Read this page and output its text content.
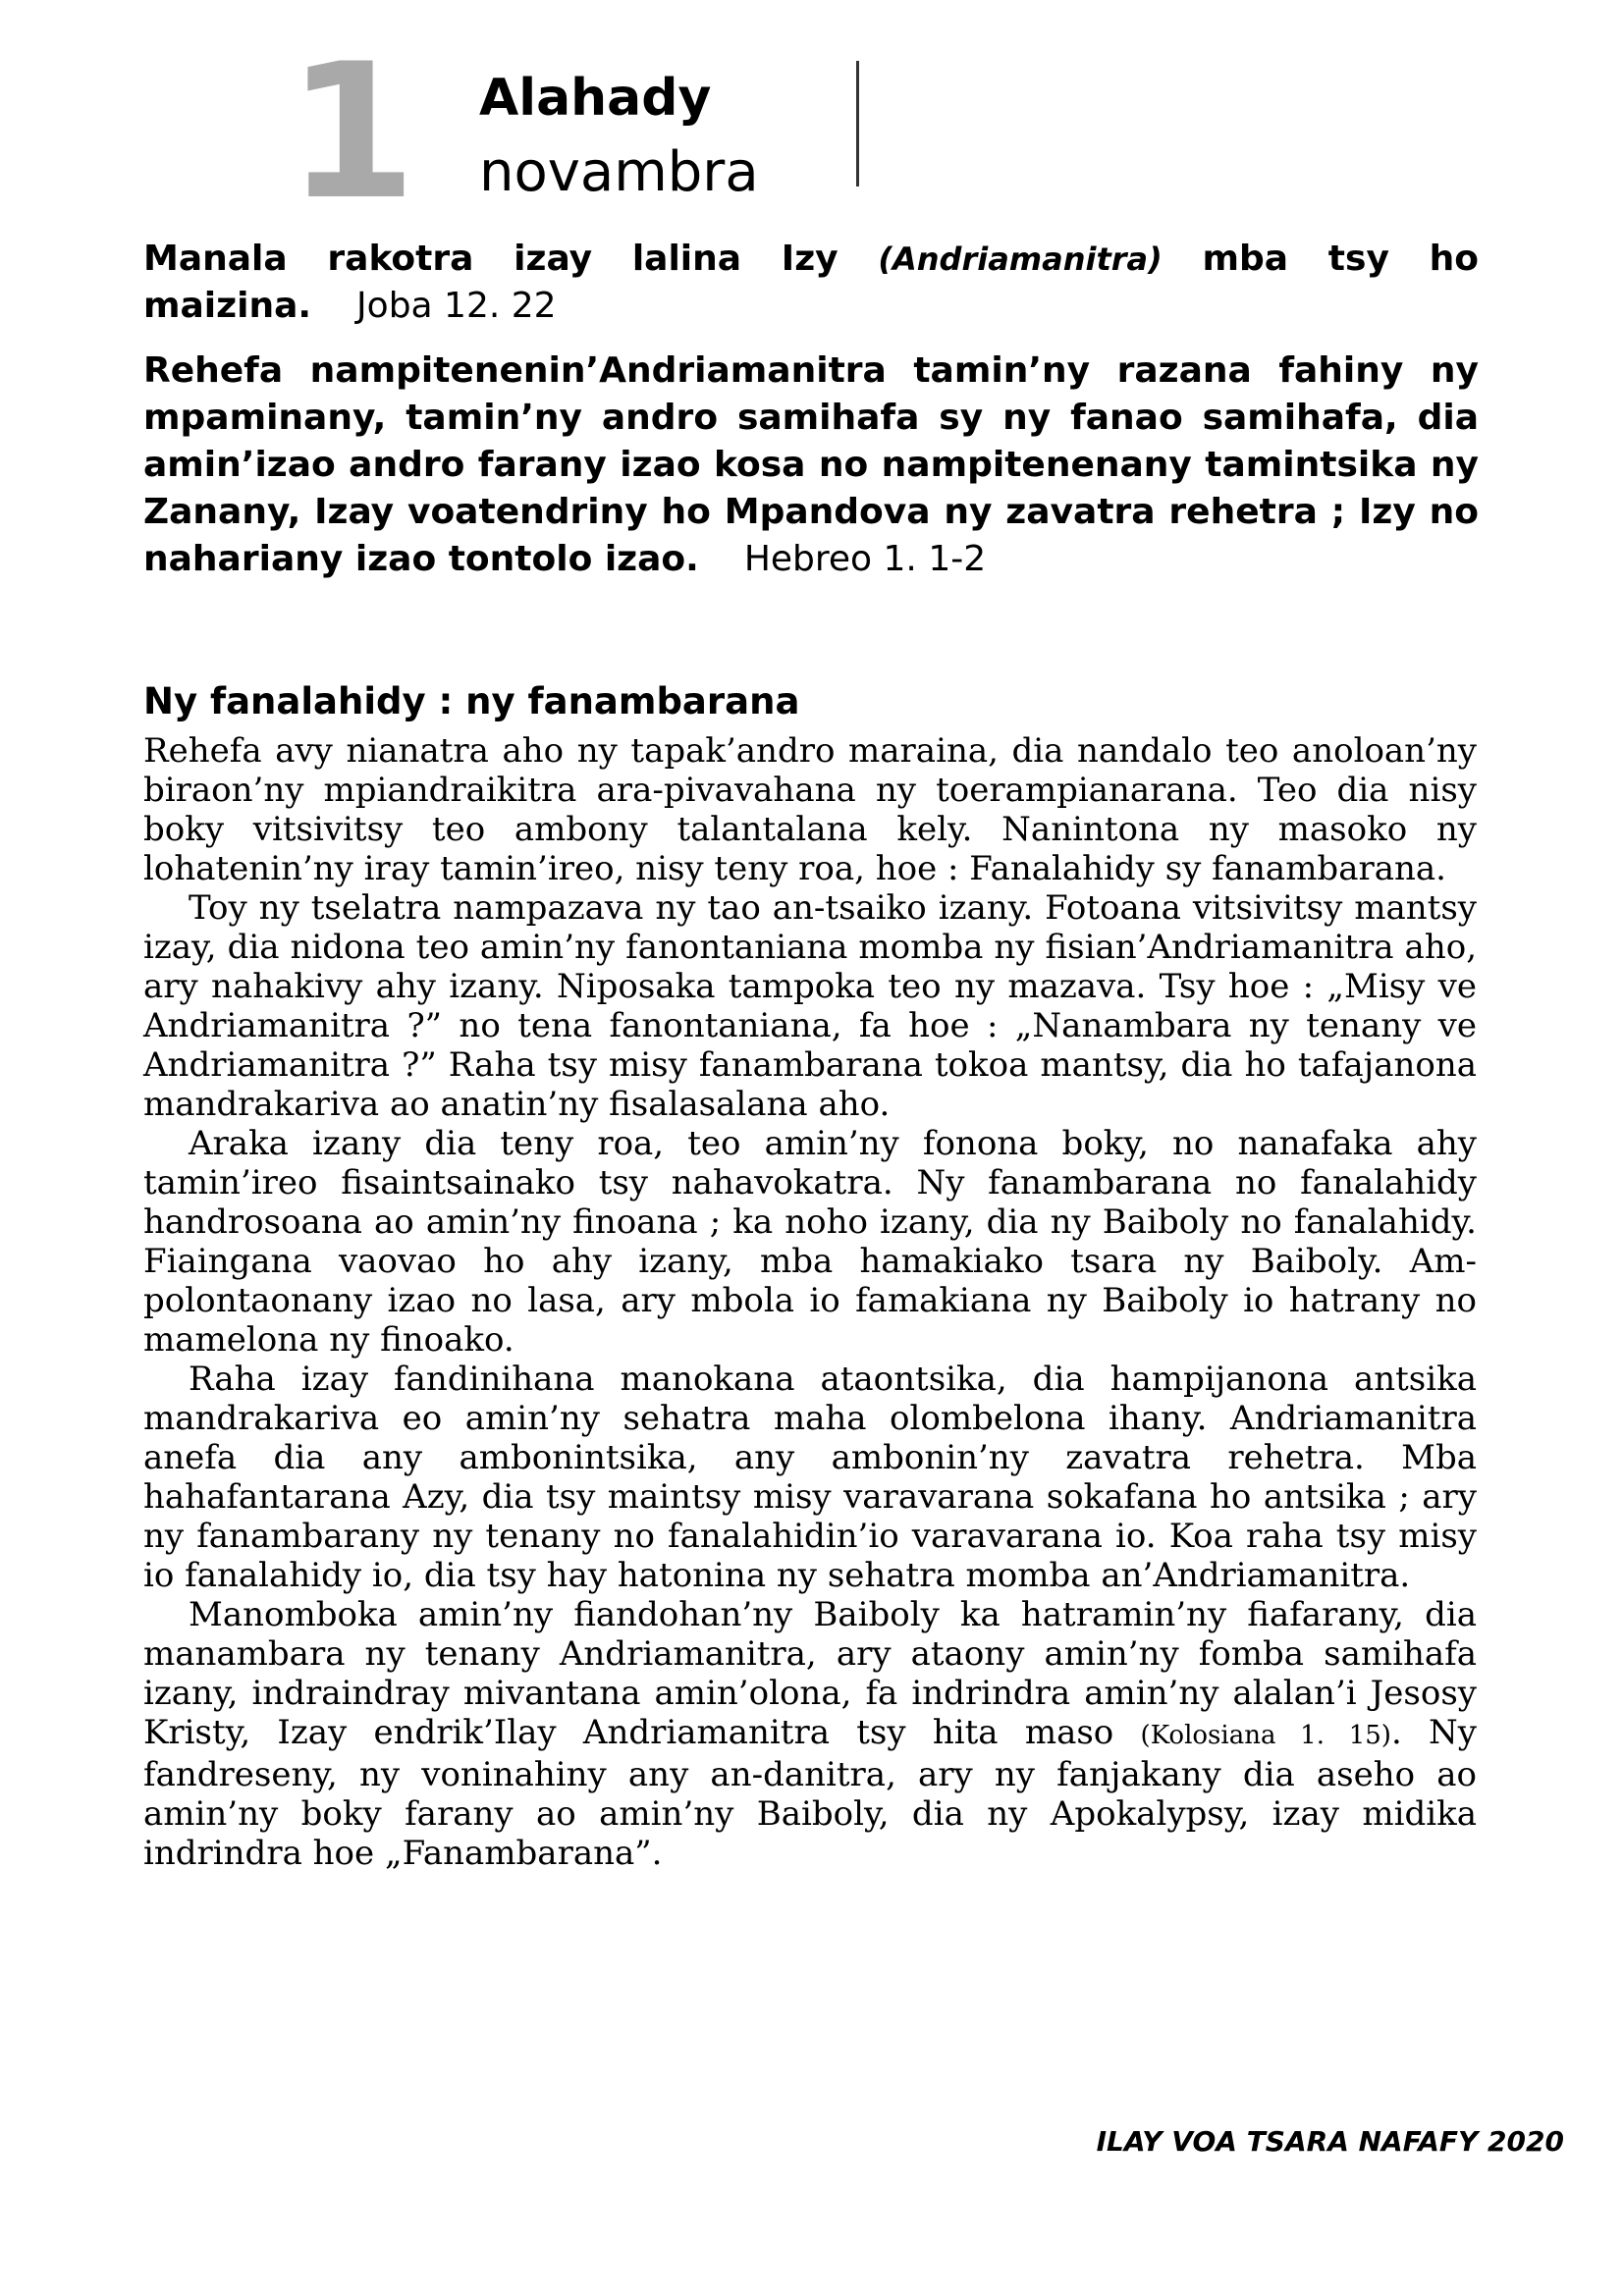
1 Alahady
novambra

Manala rakotra izay lalina Izy (Andriamanitra) mba tsy ho maizina. Joba 12. 22

Rehefa nampitenenin’Andriamanitra tamin’ny razana fahiny ny mpaminany, tamin’ny andro samihafa sy ny fanao samihafa, dia amin’izao andro farany izao kosa no nampitenenany tamintsika ny Zanany, Izay voatendriny ho Mpandova ny zavatra rehetra ; Izy no nahariany izao tontolo izao. Hebreo 1. 1-2

Ny fanalahidy : ny fanambarana

Rehefa avy nianatra aho ny tapak’andro maraina, dia nandalo teo anoloan’ny biraon’ny mpiandraikitra ara-pivavahana ny toerampianarana. Teo dia nisy boky vitsivitsy teo ambony talantalana kely. Nanintona ny masoko ny lohatenin’ny iray tamin’ireo, nisy teny roa, hoe : Fanalahidy sy fanambarana.

Toy ny tselatra nampazava ny tao an-tsaiko izany. Fotoana vitsivitsy mantsy izay, dia nidona teo amin’ny fanontaniana momba ny fisian’Andriamanitra aho, ary nahakivy ahy izany. Niposaka tampoka teo ny mazava. Tsy hoe : „Misy ve Andriamanitra ?” no tena fanontaniana, fa hoe : „Nanambara ny tenany ve Andriamanitra ?” Raha tsy misy fanambarana tokoa mantsy, dia ho tafajanona mandrakariva ao anatin’ny fisalasalana aho.

Araka izany dia teny roa, teo amin’ny fonona boky, no nanafaka ahy tamin’ireo fisaintsainako tsy nahavokatra. Ny fanambarana no fanalahidy handrosoana ao amin’ny finoana ; ka noho izany, dia ny Baiboly no fanalahidy. Fiaingana vaovao ho ahy izany, mba hamakiako tsara ny Baiboly. Am-polontaonany izao no lasa, ary mbola io famakiana ny Baiboly io hatrany no mamelona ny finoako.

Raha izay fandinihana manokana ataontsika, dia hampijanona antsika mandrakariva eo amin’ny sehatra maha olombelona ihany. Andriamanitra anefa dia any ambonintsika, any ambonin’ny zavatra rehetra. Mba hahafantarana Azy, dia tsy maintsy misy varavarana sokafana ho antsika ; ary ny fanambarany ny tenany no fanalahidin’io varavarana io. Koa raha tsy misy io fanalahidy io, dia tsy hay hatonina ny sehatra momba an’Andriamanitra.

Manomboka amin’ny fiandohan’ny Baiboly ka hatramin’ny fiafarany, dia manambara ny tenany Andriamanitra, ary ataony amin’ny fomba samihafa izany, indraindray mivantana amin’olona, fa indrindra amin’ny alalan’i Jesosy Kristy, Izay endrik’Ilay Andriamanitra tsy hita maso (Kolosiana 1. 15). Ny fandreseny, ny voninahiny any an-danitra, ary ny fanjakany dia aseho ao amin’ny boky farany ao amin’ny Baiboly, dia ny Apokalypsy, izay midika indrindra hoe „Fanambarana”.

ILAY VOA TSARA NAFAFY 2020
